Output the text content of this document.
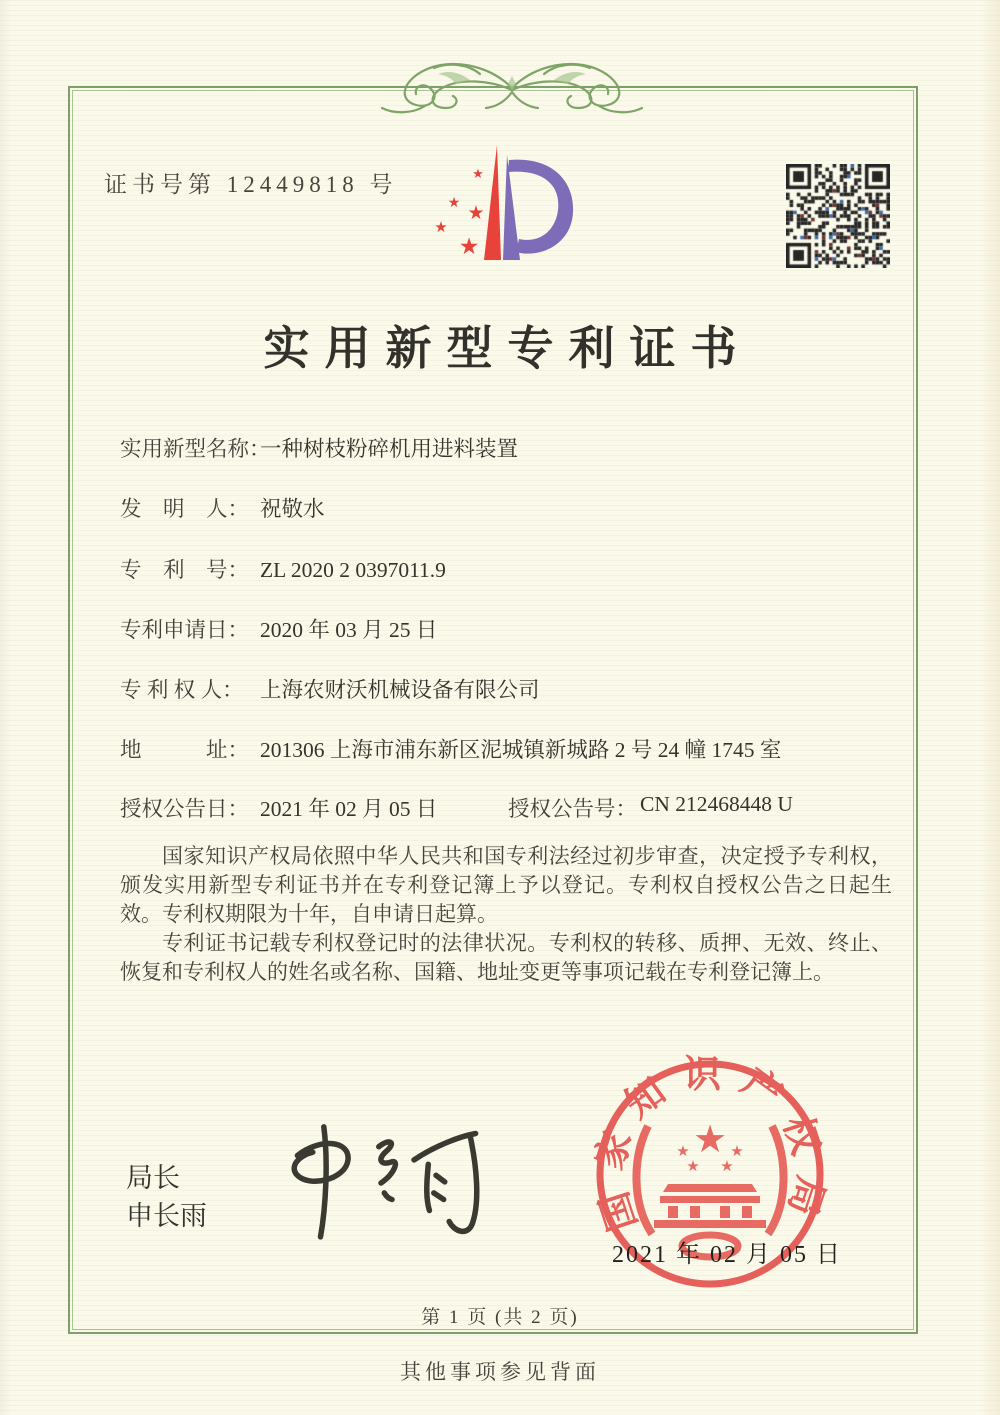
证书号第 12449818 号	★
★
★
★
★
实用新型专利证书
实用新型名称：一种树枝粉碎机用进料装置
发　明　人： 祝敬水
专　利　号： ZL 2020 2 0397011.9
专利申请日： 2020 年 03 月 25 日
专 利 权 人： 上海农财沃机械设备有限公司
地　　　址： 201306 上海市浦东新区泥城镇新城路 2 号 24 幢 1745 室
授权公告日： 2021 年 02 月 05 日	授权公告号： CN 212468448 U

国家知识产权局依照中华人民共和国专利法经过初步审查，决定授予专利权，颁发实用新型专利证书并在专利登记簿上予以登记。专利权自授权公告之日起生效。专利权期限为十年，自申请日起算。

专利证书记载专利权登记时的法律状况。专利权的转移、质押、无效、终止、恢复和专利权人的姓名或名称、国籍、地址变更等事项记载在专利登记簿上。

局长
申长雨	国家知识产权局
★
★	★
★ ★
2021 年 02 月 05 日
第 1 页 (共 2 页)
其他事项参见背面
